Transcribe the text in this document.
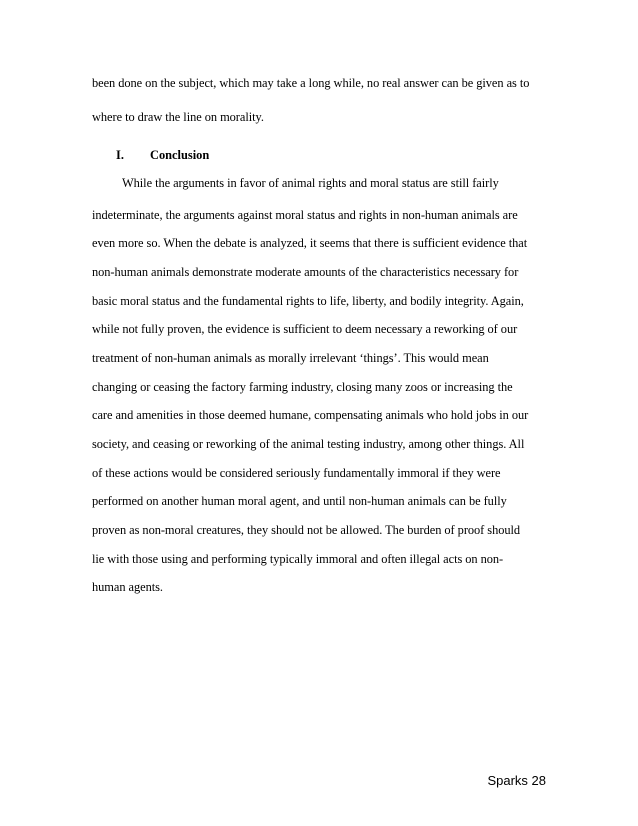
been done on the subject, which may take a long while, no real answer can be given as to
where to draw the line on morality.
I. Conclusion
While the arguments in favor of animal rights and moral status are still fairly
indeterminate, the arguments against moral status and rights in non-human animals are
even more so. When the debate is analyzed, it seems that there is sufficient evidence that
non-human animals demonstrate moderate amounts of the characteristics necessary for
basic moral status and the fundamental rights to life, liberty, and bodily integrity. Again,
while not fully proven, the evidence is sufficient to deem necessary a reworking of our
treatment of non-human animals as morally irrelevant ‘things’. This would mean
changing or ceasing the factory farming industry, closing many zoos or increasing the
care and amenities in those deemed humane, compensating animals who hold jobs in our
society, and ceasing or reworking of the animal testing industry, among other things. All
of these actions would be considered seriously fundamentally immoral if they were
performed on another human moral agent, and until non-human animals can be fully
proven as non-moral creatures, they should not be allowed. The burden of proof should
lie with those using and performing typically immoral and often illegal acts on non-
human agents.
Sparks 28
